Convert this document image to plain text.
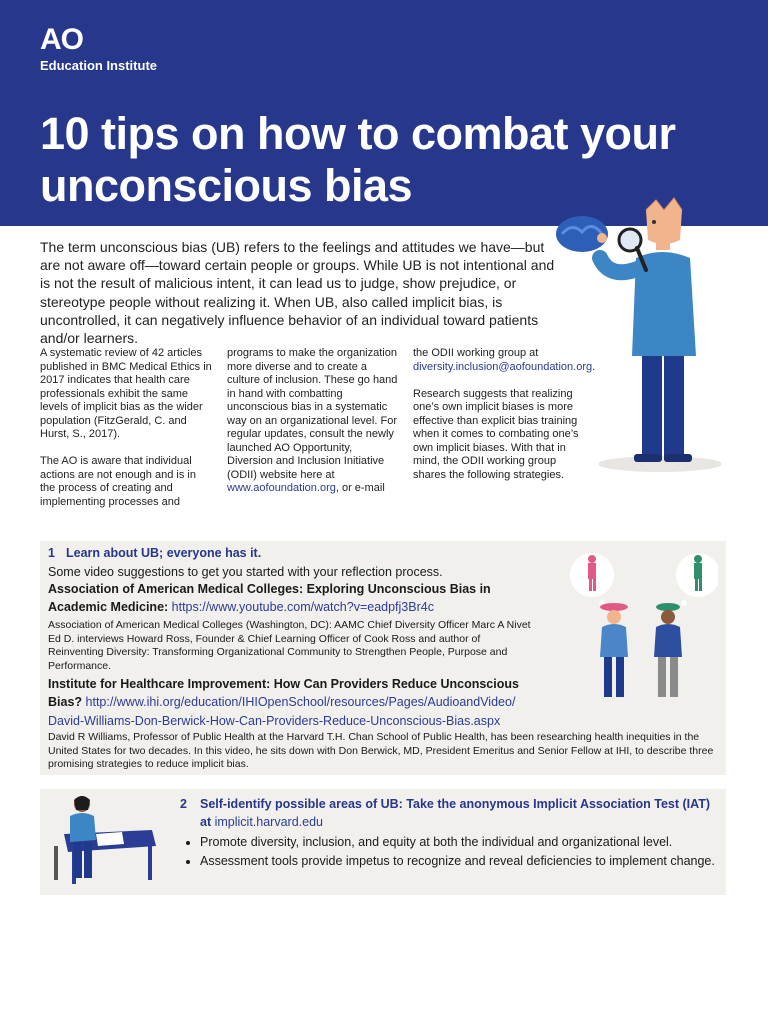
AO
Education Institute
10 tips on how to combat your unconscious bias

The term unconscious bias (UB) refers to the feelings and attitudes we have—but are not aware off—toward certain people or groups. While UB is not intentional and is not the result of malicious intent, it can lead us to judge, show prejudice, or stereotype people without realizing it. When UB, also called implicit bias, is uncontrolled, it can negatively influence behavior of an individual toward patients and/or learners.

A systematic review of 42 articles published in BMC Medical Ethics in 2017 indicates that health care professionals exhibit the same levels of implicit bias as the wider population (FitzGerald, C. and Hurst, S., 2017).

The AO is aware that individual actions are not enough and is in the process of creating and implementing processes and

programs to make the organization more diverse and to create a culture of inclusion. These go hand in hand with combatting unconscious bias in a systematic way on an organizational level. For regular updates, consult the newly launched AO Opportunity, Diversion and Inclusion Initiative (ODII) website here at www.aofoundation.org, or e-mail

the ODII working group at diversity.inclusion@aofoundation.org.

Research suggests that realizing one’s own implicit biases is more effective than explicit bias training when it comes to combating one’s own implicit biases. With that in mind, the ODII working group shares the following strategies.

1 Learn about UB; everyone has it.

Some video suggestions to get you started with your reflection process.

Association of American Medical Colleges: Exploring Unconscious Bias in

Academic Medicine: https://www.youtube.com/watch?v=eadpfj3Br4c

Association of American Medical Colleges (Washington, DC): AAMC Chief Diversity Officer Marc A Nivet Ed D. interviews Howard Ross, Founder & Chief Learning Officer of Cook Ross and author of Reinventing Diversity: Transforming Organizational Community to Strengthen People, Purpose and Performance.

Institute for Healthcare Improvement: How Can Providers Reduce Unconscious

Bias? http://www.ihi.org/education/IHIOpenSchool/resources/Pages/AudioandVideo/

David-Williams-Don-Berwick-How-Can-Providers-Reduce-Unconscious-Bias.aspx

David R Williams, Professor of Public Health at the Harvard T.H. Chan School of Public Health, has been researching health inequities in the United States for two decades. In this video, he sits down with Don Berwick, MD, President Emeritus and Senior Fellow at IHI, to describe three promising strategies to reduce implicit bias.

2 Self-identify possible areas of UB: Take the anonymous Implicit Association Test (IAT)

at implicit.harvard.edu

• Promote diversity, inclusion, and equity at both the individual and organizational level.
• Assessment tools provide impetus to recognize and reveal deficiencies to implement change.
